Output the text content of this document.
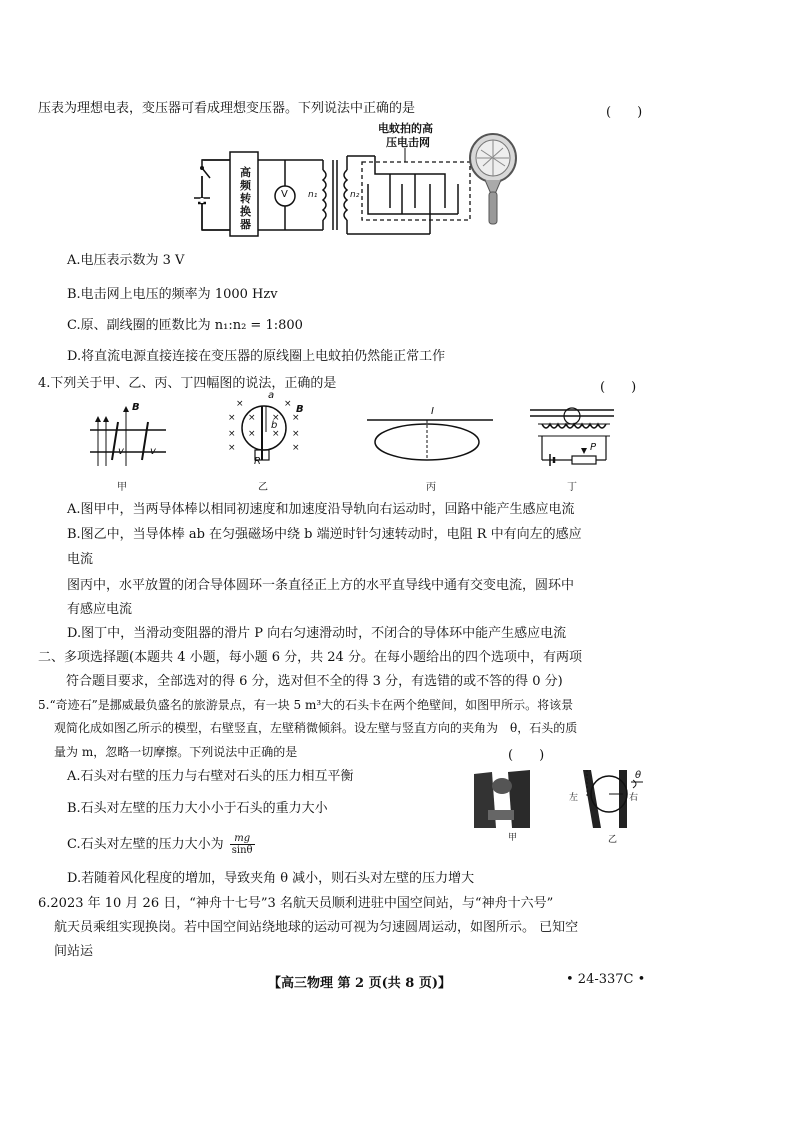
压表为理想电表，变压器可看成理想变压器。下列说法中正确的是	(　　)
高
频
转
换
器
V n₁	n₂
电蚊拍的高
压电击网
A.电压表示数为 3 V
B.电击网上电压的频率为 1000 Hzv
C.原、副线圈的匝数比为 n₁:n₂ = 1:800
D.将直流电源直接连接在变压器的原线圈上电蚊拍仍然能正常工作
4.下列关于甲、乙、丙、丁四幅图的说法，正确的是	(　　)
B
v	v
甲
×	×
×	×
×	×
×	×
× ×
× ×
a
b
B
R
乙
I
丙
P
丁
A.图甲中，当两导体棒以相同初速度和加速度沿导轨向右运动时，回路中能产生感应电流
B.图乙中，当导体棒 ab 在匀强磁场中绕 b 端逆时针匀速转动时，电阻 R 中有向左的感应
电流
图丙中，水平放置的闭合导体圆环一条直径正上方的水平直导线中通有交变电流，圆环中
有感应电流
D.图丁中，当滑动变阻器的滑片 P 向右匀速滑动时，不闭合的导体环中能产生感应电流
二、多项选择题(本题共 4 小题，每小题 6 分，共 24 分。在每小题给出的四个选项中，有两项
符合题目要求，全部选对的得 6 分，选对但不全的得 3 分，有选错的或不答的得 0 分)
5.“奇迹石”是挪威最负盛名的旅游景点，有一块 5 m³大的石头卡在两个绝壁间，如图甲所示。将该景
观简化成如图乙所示的模型，右壁竖直，左壁稍微倾斜。设左壁与竖直方向的夹角为　θ，石头的质
量为 m，忽略一切摩擦。下列说法中正确的是	(　　)
A.石头对右壁的压力与右壁对石头的压力相互平衡
B.石头对左壁的压力大小小于石头的重力大小
C.石头对左壁的压力大小为 $\frac{mg}{\sin\theta}$
D.若随着风化程度的增加，导致夹角 θ 减小，则石头对左壁的压力增大
甲
左	右
θ
乙
6.2023 年 10 月 26 日，“神舟十七号”3 名航天员顺利进驻中国空间站，与“神舟十六号”
航天员乘组实现换岗。若中国空间站绕地球的运动可视为匀速圆周运动，如图所示。 已知空
间站运
【高三物理 第 2 页(共 8 页)】	• 24-337C •
